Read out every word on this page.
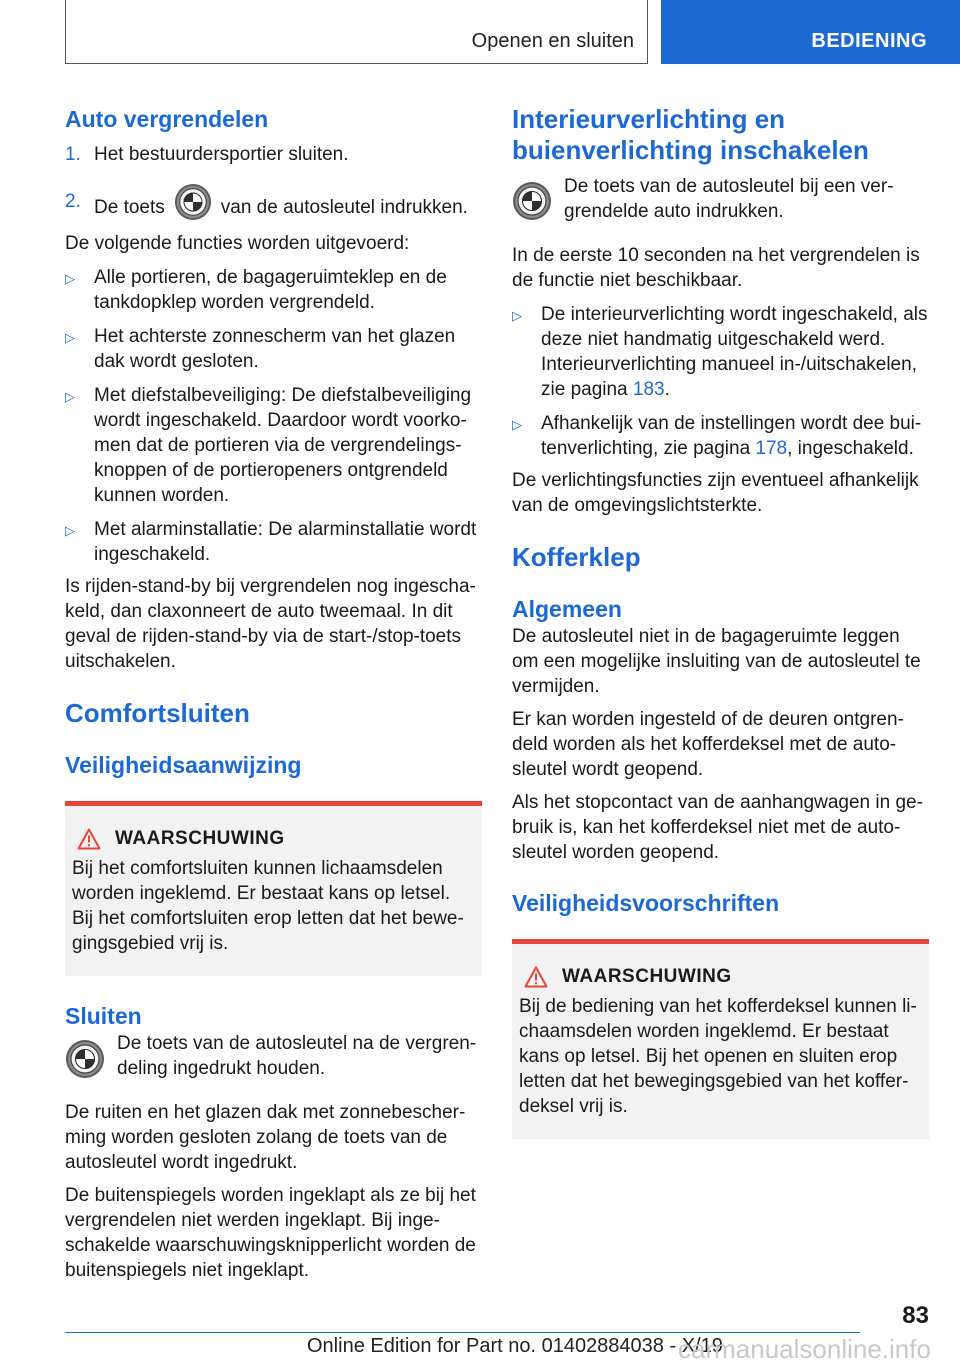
Openen en sluiten	BEDIENING
Auto vergrendelen
1. Het bestuurdersportier sluiten.
2. De toets	van de autosleutel indrukken.

De volgende functies worden uitgevoerd:

▷	Alle portieren, de bagageruimteklep en de tankdopklep worden vergrendeld.
▷	Het achterste zonnescherm van het glazen dak wordt gesloten.
▷	Met diefstalbeveiliging: De diefstalbeveiliging wordt ingeschakeld. Daardoor wordt voorkomen dat de portieren via de vergrendelingsknoppen of de portieropeners ontgrendeld kunnen worden.
▷	Met alarminstallatie: De alarminstallatie wordt ingeschakeld.

Is rijden-stand-by bij vergrendelen nog ingeschakeld, dan claxonneert de auto tweemaal. In dit geval de rijden-stand-by via de start-/stop-toets uitschakelen.

Comfortsluiten
Veiligheidsaanwijzing
WAARSCHUWING

Bij het comfortsluiten kunnen lichaamsdelen worden ingeklemd. Er bestaat kans op letsel. Bij het comfortsluiten erop letten dat het bewegingsgebied vrij is.

Sluiten

De toets van de autosleutel na de vergrendeling ingedrukt houden.

De ruiten en het glazen dak met zonnebescherming worden gesloten zolang de toets van de autosleutel wordt ingedrukt.

De buitenspiegels worden ingeklapt als ze bij het vergrendelen niet werden ingeklapt. Bij ingeschakelde waarschuwingsknipperlicht worden de buitenspiegels niet ingeklapt.

Interieurverlichting en buienverlichting inschakelen

De toets van de autosleutel bij een vergrendelde auto indrukken.

In de eerste 10 seconden na het vergrendelen is de functie niet beschikbaar.

▷	De interieurverlichting wordt ingeschakeld, als deze niet handmatig uitgeschakeld werd. Interieurverlichting manueel in-/uitschakelen, zie pagina 183.
▷	Afhankelijk van de instellingen wordt dee buitenverlichting, zie pagina 178, ingeschakeld.

De verlichtingsfuncties zijn eventueel afhankelijk van de omgevingslichtsterkte.

Kofferklep
Algemeen

De autosleutel niet in de bagageruimte leggen om een mogelijke insluiting van de autosleutel te vermijden.

Er kan worden ingesteld of de deuren ontgrendeld worden als het kofferdeksel met de autosleutel wordt geopend.

Als het stopcontact van de aanhangwagen in gebruik is, kan het kofferdeksel niet met de autosleutel worden geopend.

Veiligheidsvoorschriften
WAARSCHUWING

Bij de bediening van het kofferdeksel kunnen lichaamsdelen worden ingeklemd. Er bestaat kans op letsel. Bij het openen en sluiten erop letten dat het bewegingsgebied van het kofferdeksel vrij is.

83
Online Edition for Part no. 01402884038 - X/19
carmanualsonline.info
